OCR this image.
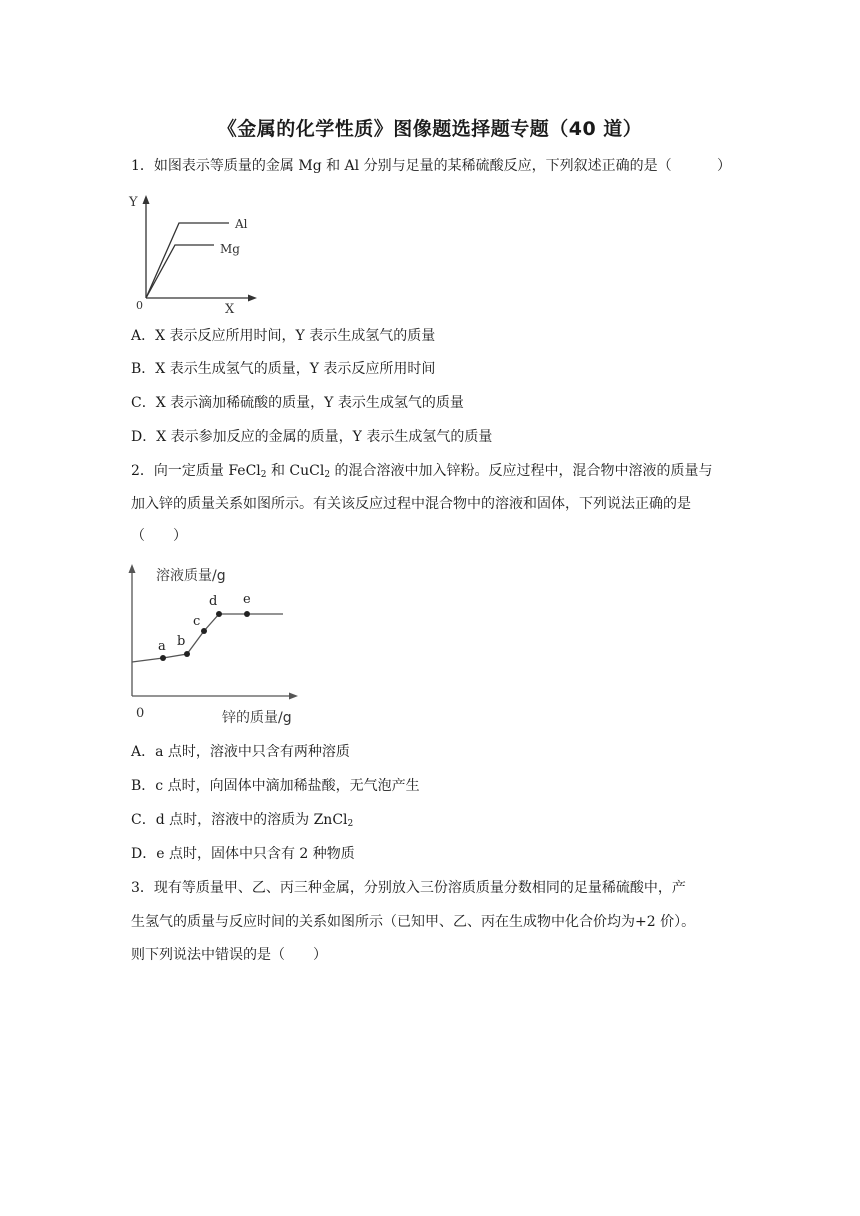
《金属的化学性质》图像题选择题专题（40 道）
1．如图表示等质量的金属 Mg 和 Al 分别与足量的某稀硫酸反应，下列叙述正确的是（	）
Y
X
0
Al
Mg
A．X 表示反应所用时间，Y 表示生成氢气的质量
B．X 表示生成氢气的质量，Y 表示反应所用时间
C．X 表示滴加稀硫酸的质量，Y 表示生成氢气的质量
D．X 表示参加反应的金属的质量，Y 表示生成氢气的质量
2．向一定质量 FeCl$_2$ 和 CuCl$_2$ 的混合溶液中加入锌粉。反应过程中，混合物中溶液的质量与
加入锌的质量关系如图所示。有关该反应过程中混合物中的溶液和固体，下列说法正确的是
（　　）
a b
c
d e
溶液质量/g
锌的质量/g
0
A．a 点时，溶液中只含有两种溶质
B．c 点时，向固体中滴加稀盐酸，无气泡产生
C．d 点时，溶液中的溶质为 ZnCl$_2$
D．e 点时，固体中只含有 2 种物质
3．现有等质量甲、乙、丙三种金属，分别放入三份溶质质量分数相同的足量稀硫酸中，产
生氢气的质量与反应时间的关系如图所示（已知甲、乙、丙在生成物中化合价均为+2 价）。
则下列说法中错误的是（　　）
